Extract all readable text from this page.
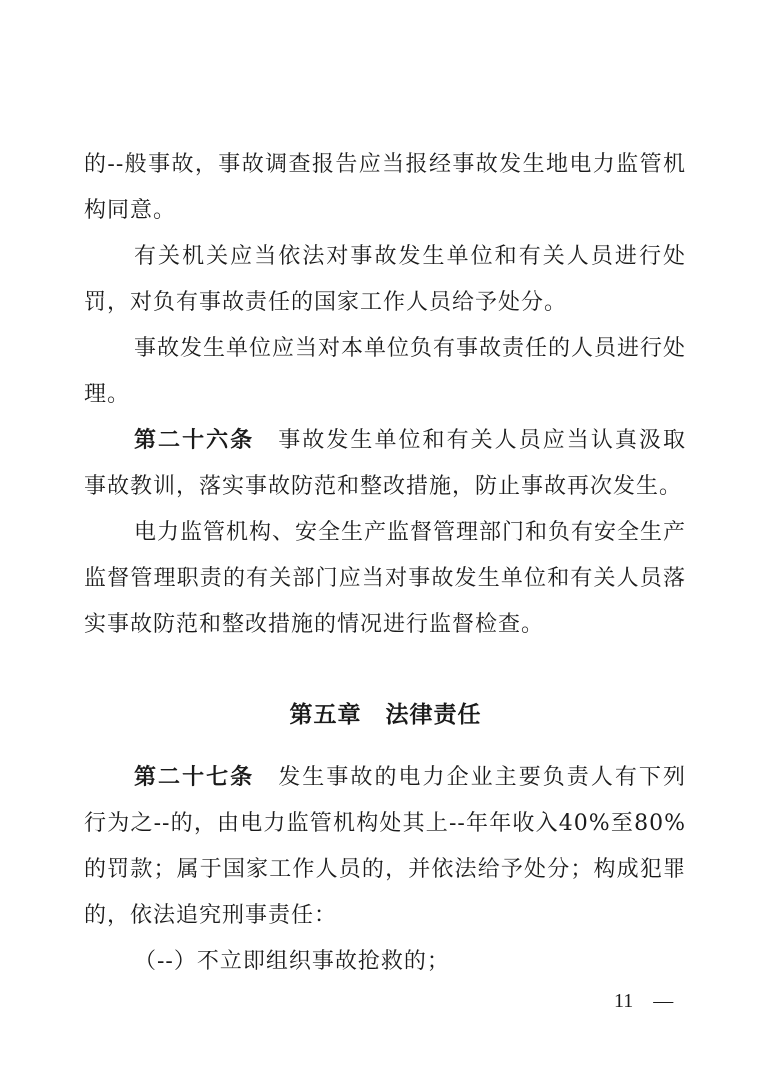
的--般事故，事故调查报告应当报经事故发生地电力监管机构同意。

有关机关应当依法对事故发生单位和有关人员进行处罚，对负有事故责任的国家工作人员给予处分。

事故发生单位应当对本单位负有事故责任的人员进行处理。

第二十六条　 事故发生单位和有关人员应当认真汲取事故教训，落实事故防范和整改措施，防止事故再次发生。

电力监管机构、安全生产监督管理部门和负有安全生产监督管理职责的有关部门应当对事故发生单位和有关人员落实事故防范和整改措施的情况进行监督检查。

第五章　法律责任

第二十七条　 发生事故的电力企业主要负责人有下列行为之--的，由电力监管机构处其上--年年收入40%至80%的罚款；属于国家工作人员的，并依法给予处分；构成犯罪的，依法追究刑事责任：

（--）不立即组织事故抢救的；

11　—
